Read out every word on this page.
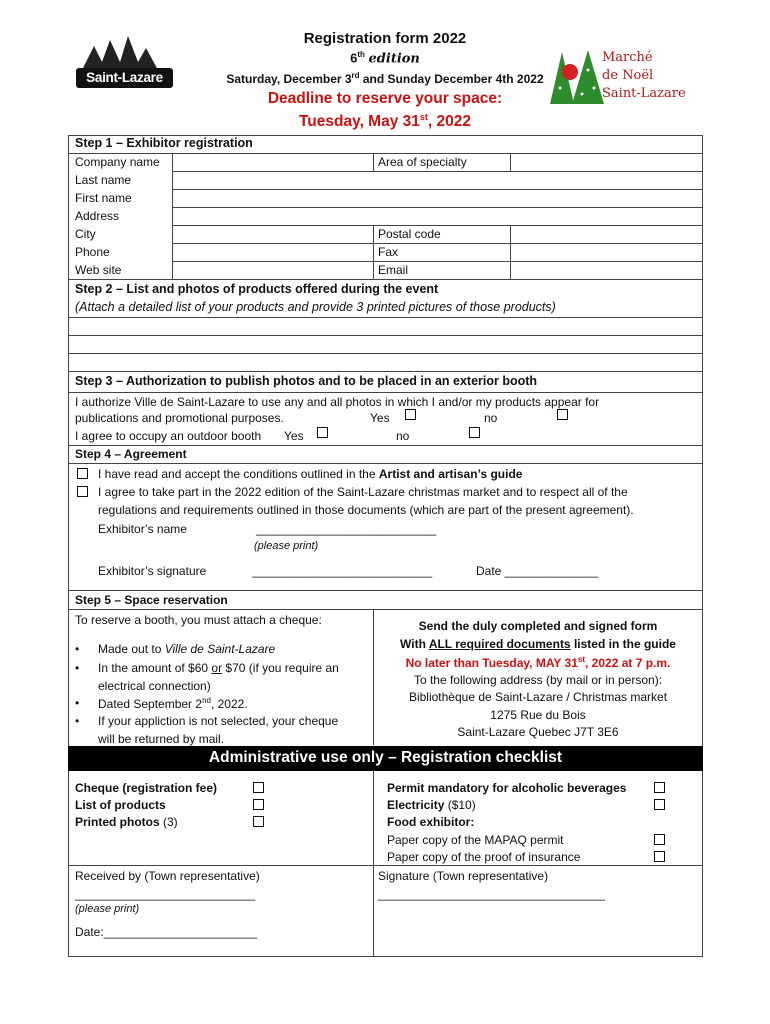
Saint-Lazare
Registration form 2022
6th edition
Saturday, December 3rd and Sunday December 4th 2022
Deadline to reserve your space:
Tuesday, May 31st, 2022
Marché
de Noël
Saint-Lazare
Step 1 – Exhibitor registration
Company name	Area of specialty
Last name
First name
Address
City	Postal code
Phone	Fax
Web site	Email
Step 2 – List and photos of products offered during the event
(Attach a detailed list of your products and provide 3 printed pictures of those products)
Step 3 – Authorization to publish photos and to be placed in an exterior booth
I authorize Ville de Saint-Lazare to use any and all photos in which I and/or my products appear for
publications and promotional purposes.	Yes	no
I agree to occupy an outdoor booth Yes	no
Step 4 – Agreement
I have read and accept the conditions outlined in the Artist and artisan’s guide
I agree to take part in the 2022 edition of the Saint-Lazare christmas market and to respect all of the
regulations and requirements outlined in those documents (which are part of the present agreement).
Exhibitor’s name	___________________________
(please print)
Exhibitor’s signature	___________________________	Date ______________
Step 5 – Space reservation
To reserve a booth, you must attach a cheque:
• Made out to Ville de Saint-Lazare
• In the amount of $60 or $70 (if you require an
electrical connection)
• Dated September 2nd, 2022.
• If your appliction is not selected, your cheque
will be returned by mail.
Send the duly completed and signed form
With ALL required documents listed in the guide
No later than Tuesday, MAY 31st, 2022 at 7 p.m.
To the following address (by mail or in person):
Bibliothèque de Saint-Lazare / Christmas market
1275 Rue du Bois
Saint-Lazare Quebec J7T 3E6
Administrative use only – Registration checklist
Cheque (registration fee)
List of products
Printed photos (3)
Permit mandatory for alcoholic beverages
Electricity ($10)
Food exhibitor:
Paper copy of the MAPAQ permit
Paper copy of the proof of insurance
Received by (Town representative)
___________________________
(please print)
Date:_______________________
Signature (Town representative)
__________________________________
